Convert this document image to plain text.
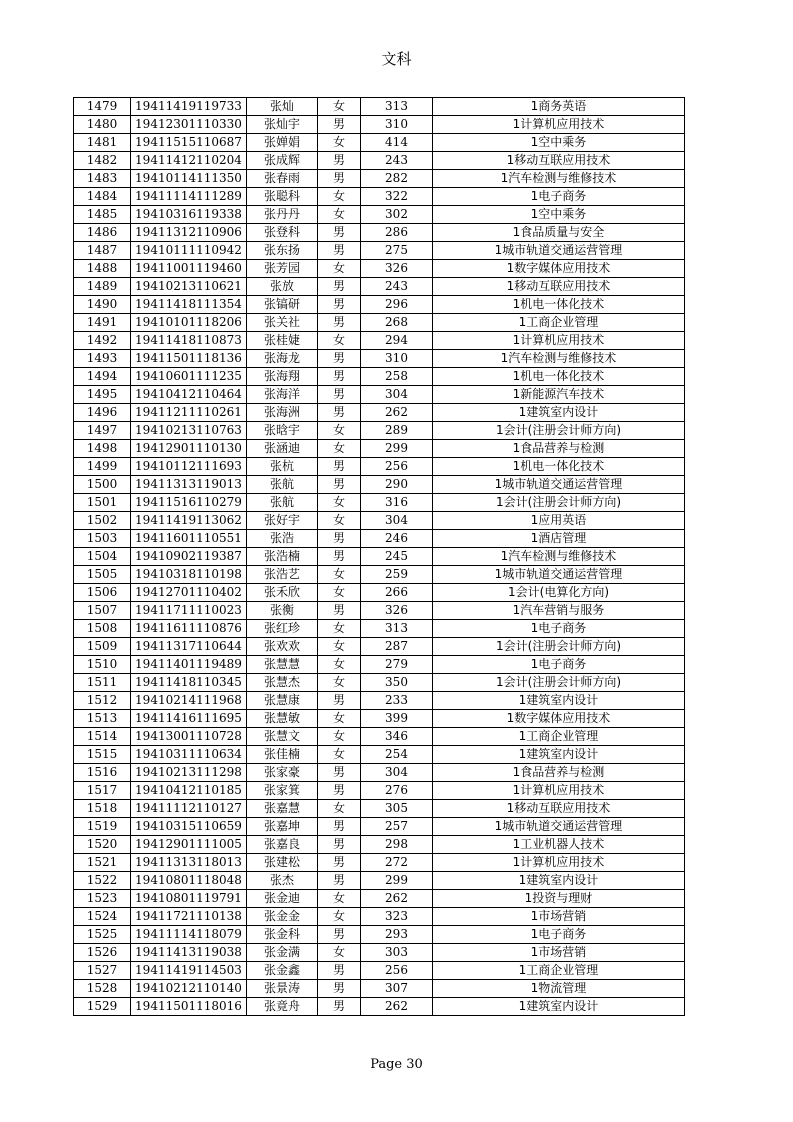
文科
1479	19411419119733	张灿	女	313	1商务英语
1480	19412301110330	张灿宇	男	310	1计算机应用技术
1481	19411515110687	张婵娟	女	414	1空中乘务
1482	19411412110204	张成辉	男	243	1移动互联应用技术
1483	19410114111350	张春雨	男	282	1汽车检测与维修技术
1484	19411114111289	张聪科	女	322	1电子商务
1485	19410316119338	张丹丹	女	302	1空中乘务
1486	19411312110906	张登科	男	286	1食品质量与安全
1487	19410111110942	张东扬	男	275	1城市轨道交通运营管理
1488	19411001119460	张芳园	女	326	1数字媒体应用技术
1489	19410213110621	张放	男	243	1移动互联应用技术
1490	19411418111354	张镐研	男	296	1机电一体化技术
1491	19410101118206	张关社	男	268	1工商企业管理
1492	19411418110873	张桂婕	女	294	1计算机应用技术
1493	19411501118136	张海龙	男	310	1汽车检测与维修技术
1494	19410601111235	张海翔	男	258	1机电一体化技术
1495	19410412110464	张海洋	男	304	1新能源汽车技术
1496	19411211110261	张海洲	男	262	1建筑室内设计
1497	19410213110763	张晗宇	女	289	1会计(注册会计师方向)
1498	19412901110130	张涵迪	女	299	1食品营养与检测
1499	19410112111693	张杭	男	256	1机电一体化技术
1500	19411313119013	张航	男	290	1城市轨道交通运营管理
1501	19411516110279	张航	女	316	1会计(注册会计师方向)
1502	19411419113062	张好宇	女	304	1应用英语
1503	19411601110551	张浩	男	246	1酒店管理
1504	19410902119387	张浩楠	男	245	1汽车检测与维修技术
1505	19410318110198	张浩艺	女	259	1城市轨道交通运营管理
1506	19412701110402	张禾欣	女	266	1会计(电算化方向)
1507	19411711110023	张衡	男	326	1汽车营销与服务
1508	19411611110876	张红珍	女	313	1电子商务
1509	19411317110644	张欢欢	女	287	1会计(注册会计师方向)
1510	19411401119489	张慧慧	女	279	1电子商务
1511	19411418110345	张慧杰	女	350	1会计(注册会计师方向)
1512	19410214111968	张慧康	男	233	1建筑室内设计
1513	19411416111695	张慧敏	女	399	1数字媒体应用技术
1514	19413001110728	张慧文	女	346	1工商企业管理
1515	19410311110634	张佳楠	女	254	1建筑室内设计
1516	19410213111298	张家豪	男	304	1食品营养与检测
1517	19410412110185	张家箕	男	276	1计算机应用技术
1518	19411112110127	张嘉慧	女	305	1移动互联应用技术
1519	19410315110659	张嘉坤	男	257	1城市轨道交通运营管理
1520	19412901111005	张嘉良	男	298	1工业机器人技术
1521	19411313118013	张建松	男	272	1计算机应用技术
1522	19410801118048	张杰	男	299	1建筑室内设计
1523	19410801119791	张金迪	女	262	1投资与理财
1524	19411721110138	张金金	女	323	1市场营销
1525	19411114118079	张金科	男	293	1电子商务
1526	19411413119038	张金满	女	303	1市场营销
1527	19411419114503	张金鑫	男	256	1工商企业管理
1528	19410212110140	张景涛	男	307	1物流管理
1529	19411501118016	张竟舟	男	262	1建筑室内设计
Page 30
